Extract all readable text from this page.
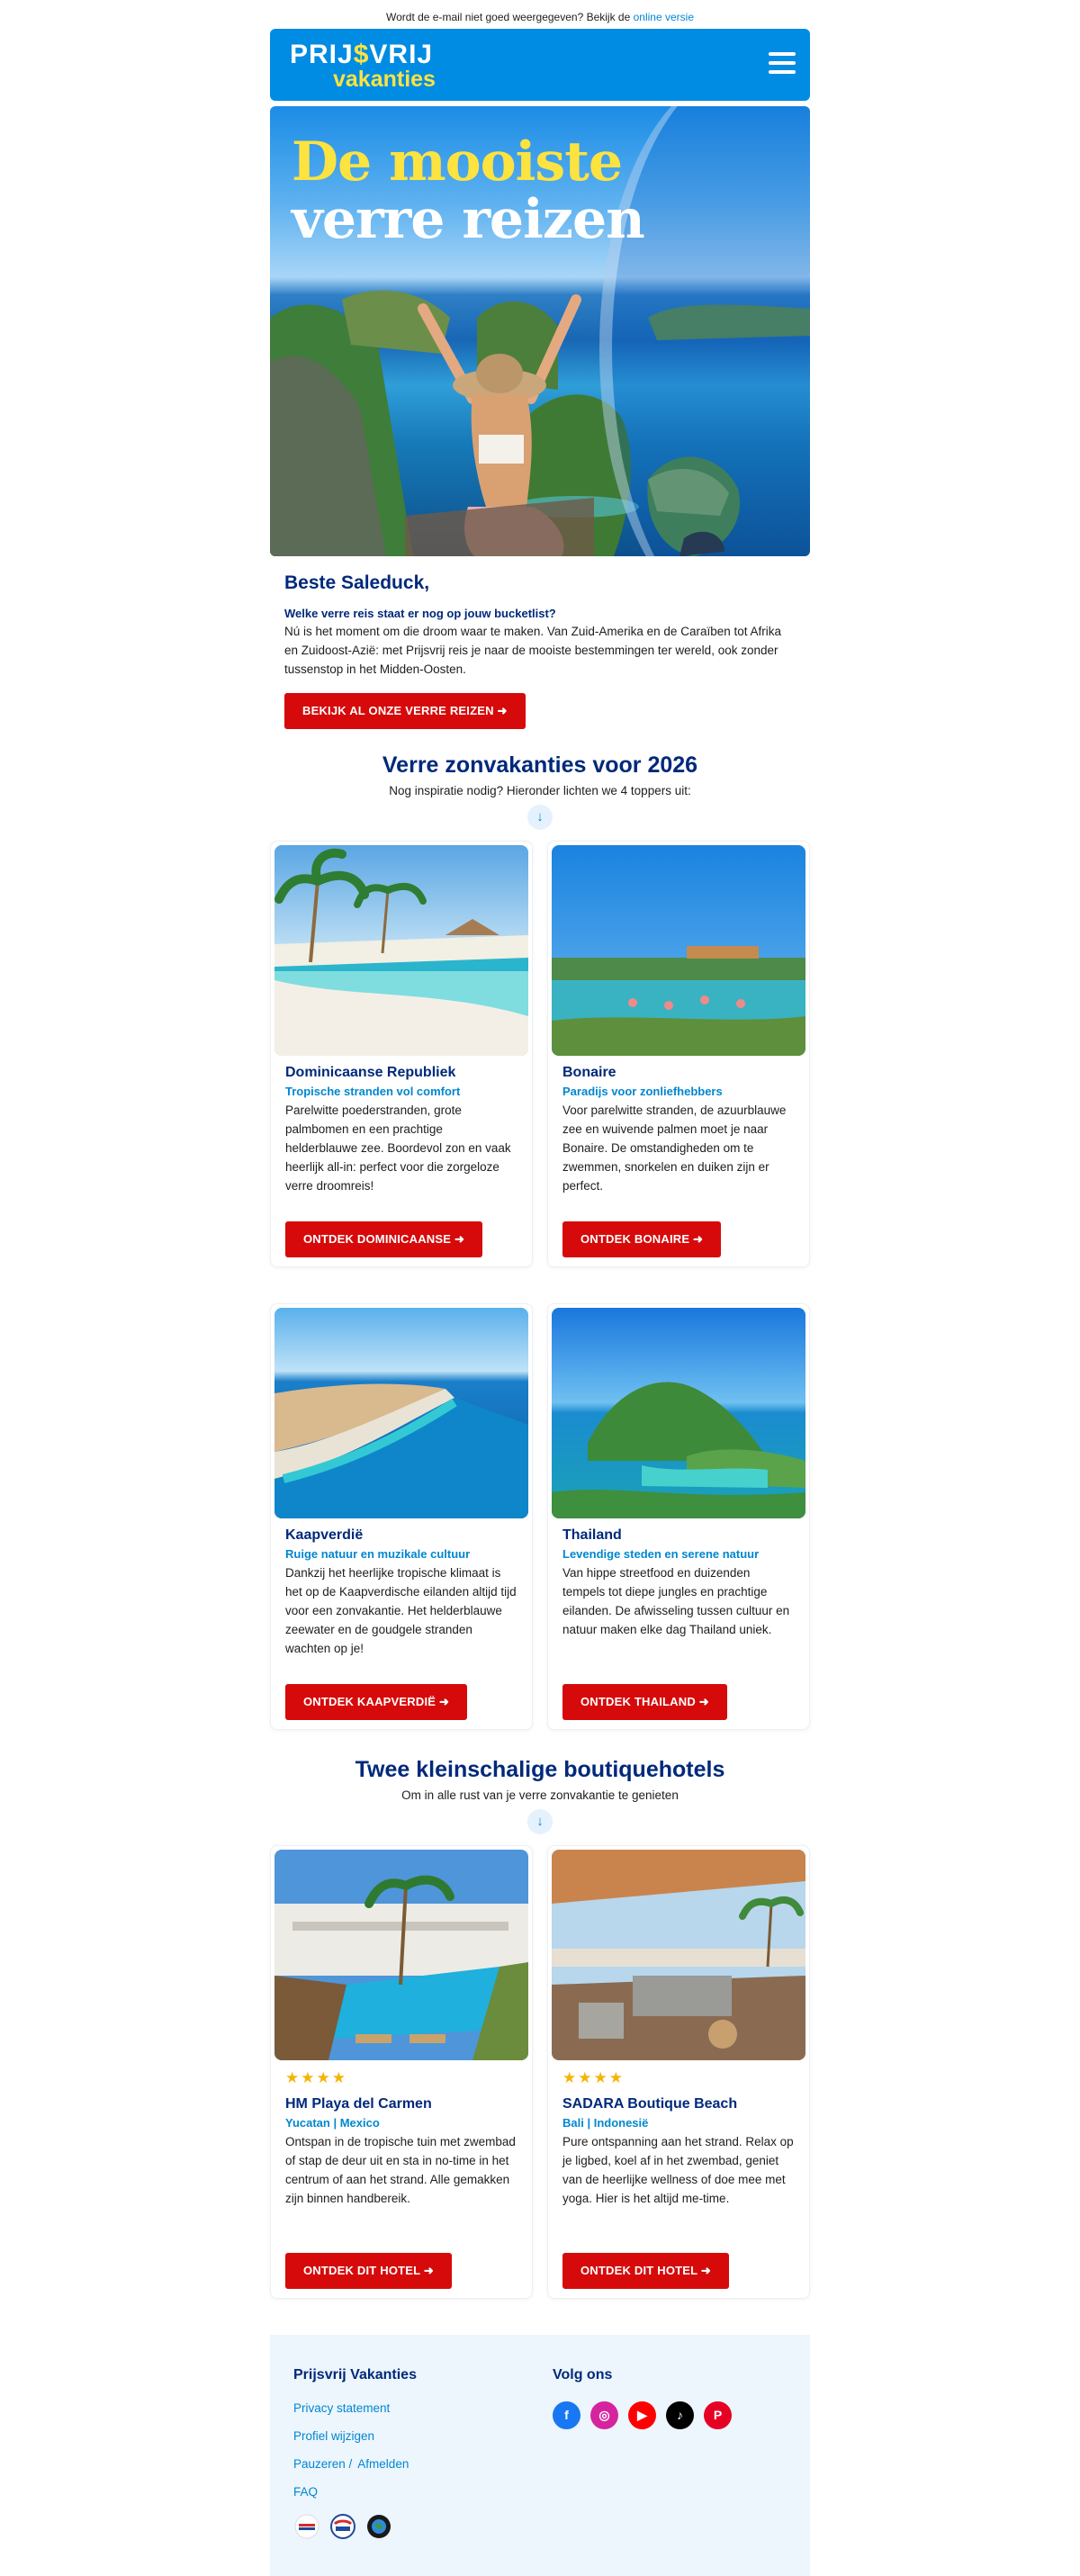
Wordt de e-mail niet goed weergegeven? Bekijk de online versie
PRIJ$VRIJ
vakanties
De mooiste
verre reizen
Beste Saleduck,
Welke verre reis staat er nog op jouw bucketlist?

Nú is het moment om die droom waar te maken. Van Zuid-Amerika en de Caraïben tot Afrika en Zuidoost-Azië: met Prijsvrij reis je naar de mooiste bestemmingen ter wereld, ook zonder tussenstop in het Midden-Oosten.

BEKIJK AL ONZE VERRE REIZEN ➜
Verre zonvakanties voor 2026

Nog inspiratie nodig? Hieronder lichten we 4 toppers uit:

↓
Dominicaanse Republiek
Tropische stranden vol comfort

Parelwitte poederstranden, grote palmbomen en een prachtige helderblauwe zee. Boordevol zon en vaak heerlijk all-in: perfect voor die zorgeloze verre droomreis!

ONTDEK DOMINICAANSE ➜
Bonaire
Paradijs voor zonliefhebbers

Voor parelwitte stranden, de azuurblauwe zee en wuivende palmen moet je naar Bonaire. De omstandigheden om te zwemmen, snorkelen en duiken zijn er perfect.

ONTDEK BONAIRE ➜
Kaapverdië
Ruige natuur en muzikale cultuur

Dankzij het heerlijke tropische klimaat is het op de Kaapverdische eilanden altijd tijd voor een zonvakantie. Het helderblauwe zeewater en de goudgele stranden wachten op je!

ONTDEK KAAPVERDIË ➜
Thailand
Levendige steden en serene natuur

Van hippe streetfood en duizenden tempels tot diepe jungles en prachtige eilanden. De afwisseling tussen cultuur en natuur maken elke dag Thailand uniek.

ONTDEK THAILAND ➜
Twee kleinschalige boutiquehotels

Om in alle rust van je verre zonvakantie te genieten

↓
★★★★
HM Playa del Carmen
Yucatan | Mexico

Ontspan in de tropische tuin met zwembad of stap de deur uit en sta in no-time in het centrum of aan het strand. Alle gemakken zijn binnen handbereik.

ONTDEK DIT HOTEL ➜
★★★★
SADARA Boutique Beach
Bali | Indonesië

Pure ontspanning aan het strand. Relax op je ligbed, koel af in het zwembad, geniet van de heerlijke wellness of doe mee met yoga. Hier is het altijd me-time.

ONTDEK DIT HOTEL ➜
Prijsvrij Vakanties
Privacy statement
Profiel wijzigen
Pauzeren / Afmelden
FAQ
Volg ons
f	◎	▶	♪	P
